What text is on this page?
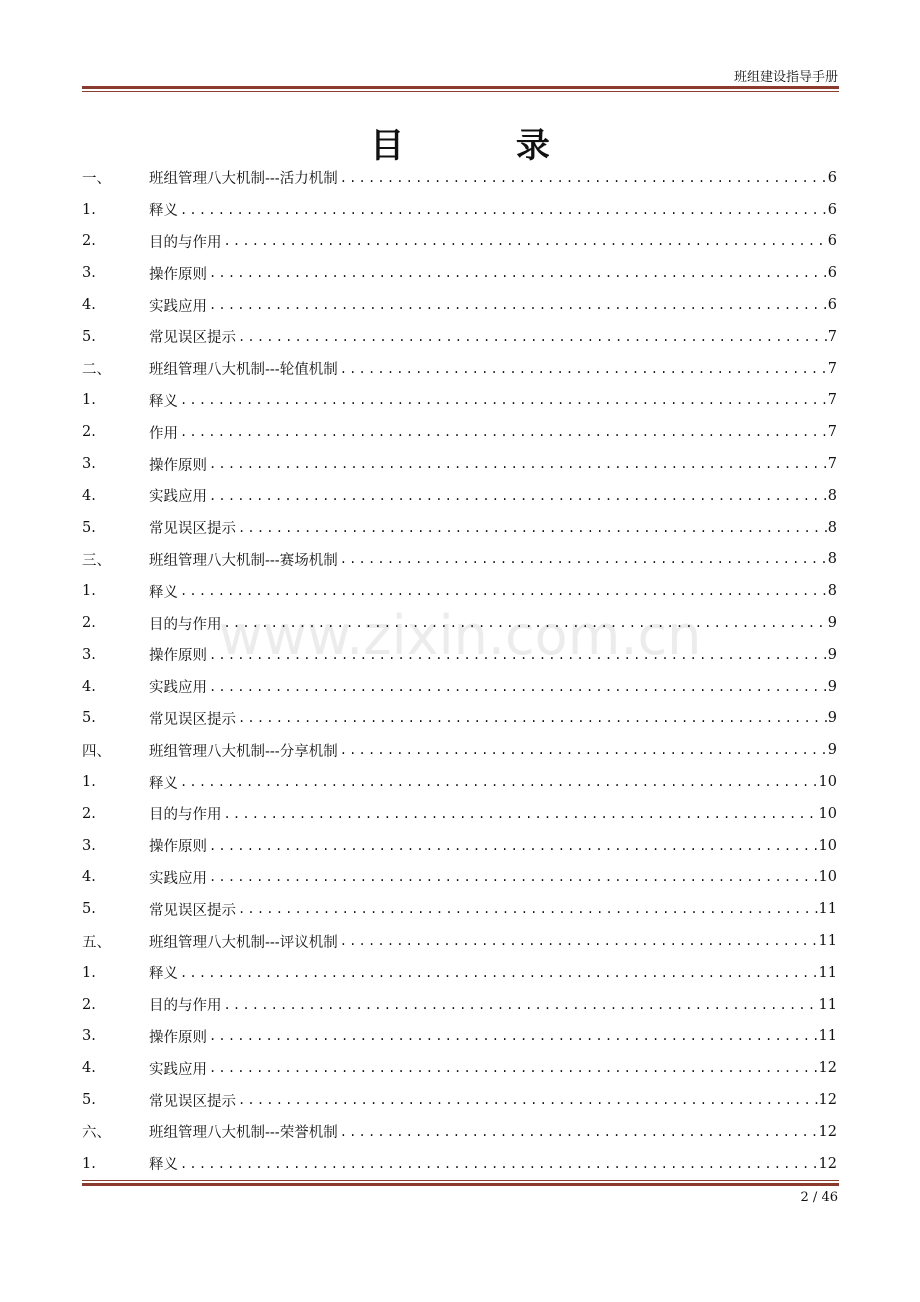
班组建设指导手册
目 录
www.zixin.com.cn
一、	班组管理八大机制---活力机制 .....	6
1.	释义 .....	6
2.	目的与作用 .....	6
3.	操作原则 .....	6
4.	实践应用 .....	6
5.	常见误区提示 .....	7
二、	班组管理八大机制---轮值机制 .....	7
1.	释义 .....	7
2.	作用 .....	7
3.	操作原则 .....	7
4.	实践应用 .....	8
5.	常见误区提示 .....	8
三、	班组管理八大机制---赛场机制 .....	8
1.	释义 .....	8
2.	目的与作用 .....	9
3.	操作原则 .....	9
4.	实践应用 .....	9
5.	常见误区提示 .....	9
四、	班组管理八大机制---分享机制 .....	9
1.	释义 .....	10
2.	目的与作用 .....	10
3.	操作原则 .....	10
4.	实践应用 .....	10
5.	常见误区提示 .....	11
五、	班组管理八大机制---评议机制 .....	11
1.	释义 .....	11
2.	目的与作用 .....	11
3.	操作原则 .....	11
4.	实践应用 .....	12
5.	常见误区提示 .....	12
六、	班组管理八大机制---荣誉机制 .....	12
1.	释义 .....	12
2 / 46
